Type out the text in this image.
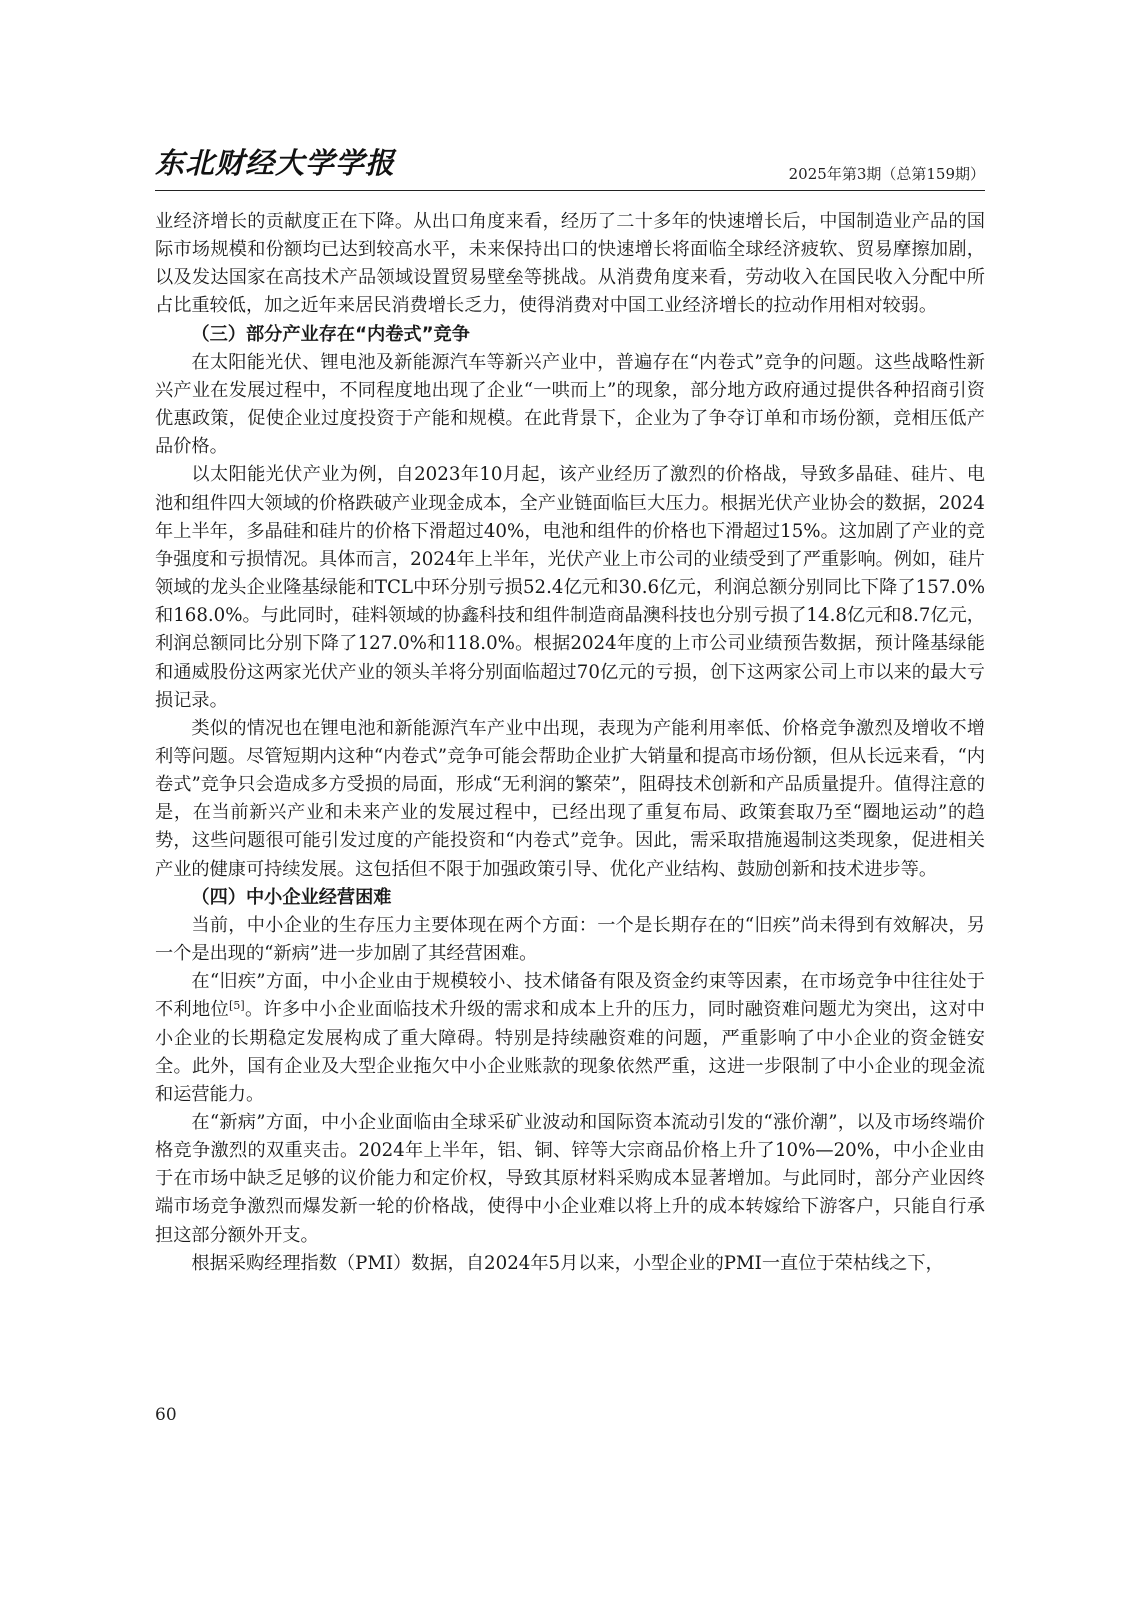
东北财经大学学报	2025年第3期（总第159期）

业经济增长的贡献度正在下降。从出口角度来看，经历了二十多年的快速增长后，中国制造业产品的国际市场规模和份额均已达到较高水平，未来保持出口的快速增长将面临全球经济疲软、贸易摩擦加剧，以及发达国家在高技术产品领域设置贸易壁垒等挑战。从消费角度来看，劳动收入在国民收入分配中所占比重较低，加之近年来居民消费增长乏力，使得消费对中国工业经济增长的拉动作用相对较弱。

（三）部分产业存在“内卷式”竞争

在太阳能光伏、锂电池及新能源汽车等新兴产业中，普遍存在“内卷式”竞争的问题。这些战略性新兴产业在发展过程中，不同程度地出现了企业“一哄而上”的现象，部分地方政府通过提供各种招商引资优惠政策，促使企业过度投资于产能和规模。在此背景下，企业为了争夺订单和市场份额，竞相压低产品价格。

以太阳能光伏产业为例，自2023年10月起，该产业经历了激烈的价格战，导致多晶硅、硅片、电池和组件四大领域的价格跌破产业现金成本，全产业链面临巨大压力。根据光伏产业协会的数据，2024年上半年，多晶硅和硅片的价格下滑超过40%，电池和组件的价格也下滑超过15%。这加剧了产业的竞争强度和亏损情况。具体而言，2024年上半年，光伏产业上市公司的业绩受到了严重影响。例如，硅片领域的龙头企业隆基绿能和TCL中环分别亏损52.4亿元和30.6亿元，利润总额分别同比下降了157.0%和168.0%。与此同时，硅料领域的协鑫科技和组件制造商晶澳科技也分别亏损了14.8亿元和8.7亿元，利润总额同比分别下降了127.0%和118.0%。根据2024年度的上市公司业绩预告数据，预计隆基绿能和通威股份这两家光伏产业的领头羊将分别面临超过70亿元的亏损，创下这两家公司上市以来的最大亏损记录。

类似的情况也在锂电池和新能源汽车产业中出现，表现为产能利用率低、价格竞争激烈及增收不增利等问题。尽管短期内这种“内卷式”竞争可能会帮助企业扩大销量和提高市场份额，但从长远来看，“内卷式”竞争只会造成多方受损的局面，形成“无利润的繁荣”，阻碍技术创新和产品质量提升。值得注意的是，在当前新兴产业和未来产业的发展过程中，已经出现了重复布局、政策套取乃至“圈地运动”的趋势，这些问题很可能引发过度的产能投资和“内卷式”竞争。因此，需采取措施遏制这类现象，促进相关产业的健康可持续发展。这包括但不限于加强政策引导、优化产业结构、鼓励创新和技术进步等。

（四）中小企业经营困难

当前，中小企业的生存压力主要体现在两个方面：一个是长期存在的“旧疾”尚未得到有效解决，另一个是出现的“新病”进一步加剧了其经营困难。

在“旧疾”方面，中小企业由于规模较小、技术储备有限及资金约束等因素，在市场竞争中往往处于不利地位[5]。许多中小企业面临技术升级的需求和成本上升的压力，同时融资难问题尤为突出，这对中小企业的长期稳定发展构成了重大障碍。特别是持续融资难的问题，严重影响了中小企业的资金链安全。此外，国有企业及大型企业拖欠中小企业账款的现象依然严重，这进一步限制了中小企业的现金流和运营能力。

在“新病”方面，中小企业面临由全球采矿业波动和国际资本流动引发的“涨价潮”，以及市场终端价格竞争激烈的双重夹击。2024年上半年，铝、铜、锌等大宗商品价格上升了10%—20%，中小企业由于在市场中缺乏足够的议价能力和定价权，导致其原材料采购成本显著增加。与此同时，部分产业因终端市场竞争激烈而爆发新一轮的价格战，使得中小企业难以将上升的成本转嫁给下游客户，只能自行承担这部分额外开支。

根据采购经理指数（PMI）数据，自2024年5月以来，小型企业的PMI一直位于荣枯线之下，

60
